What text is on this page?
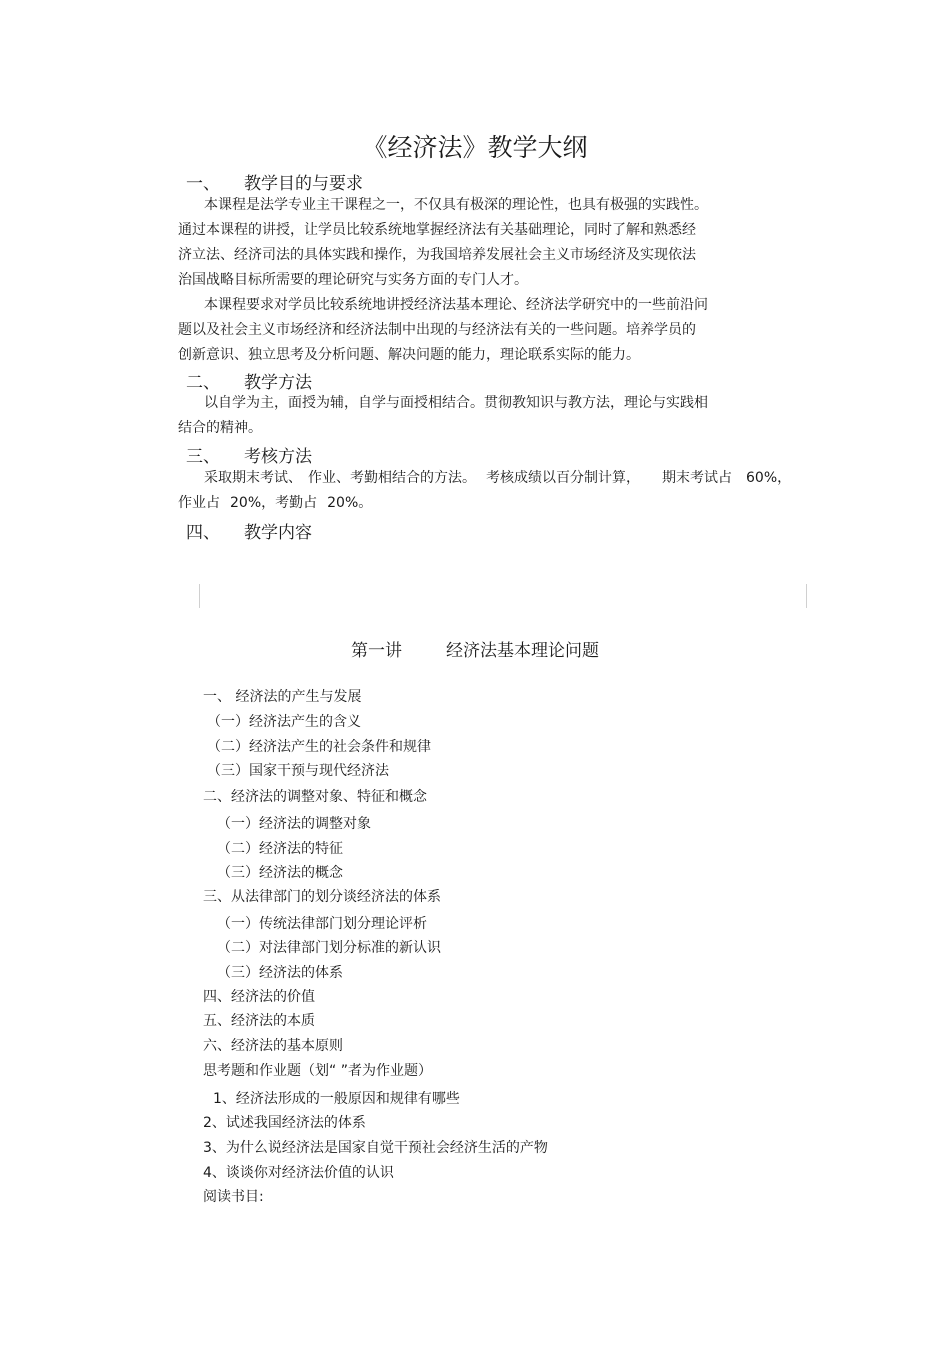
《经济法》教学大纲
一、 教学目的与要求
本课程是法学专业主干课程之一，不仅具有极深的理论性，也具有极强的实践性。
通过本课程的讲授，让学员比较系统地掌握经济法有关基础理论，同时了解和熟悉经
济立法、经济司法的具体实践和操作，为我国培养发展社会主义市场经济及实现依法
治国战略目标所需要的理论研究与实务方面的专门人才。
本课程要求对学员比较系统地讲授经济法基本理论、经济法学研究中的一些前沿问
题以及社会主义市场经济和经济法制中出现的与经济法有关的一些问题。培养学员的
创新意识、独立思考及分析问题、解决问题的能力，理论联系实际的能力。
二、 教学方法
以自学为主，面授为辅，自学与面授相结合。贯彻教知识与教方法，理论与实践相
结合的精神。
三、 考核方法
采取期末考试、 作业、考勤相结合的方法。 考核成绩以百分制计算， 期末考试占 60%，
作业占 20%，考勤占 20%。
四、 教学内容
第一讲	经济法基本理论问题
一、 经济法的产生与发展
（一）经济法产生的含义
（二）经济法产生的社会条件和规律
（三）国家干预与现代经济法
二、经济法的调整对象、特征和概念
（一）经济法的调整对象
（二）经济法的特征
（三）经济法的概念
三、从法律部门的划分谈经济法的体系
（一）传统法律部门划分理论评析
（二）对法律部门划分标准的新认识
（三）经济法的体系
四、经济法的价值
五、经济法的本质
六、经济法的基本原则
思考题和作业题（划“ ”者为作业题）
1、经济法形成的一般原因和规律有哪些
2、试述我国经济法的体系
3、为什么说经济法是国家自觉干预社会经济生活的产物
4、谈谈你对经济法价值的认识
阅读书目:
